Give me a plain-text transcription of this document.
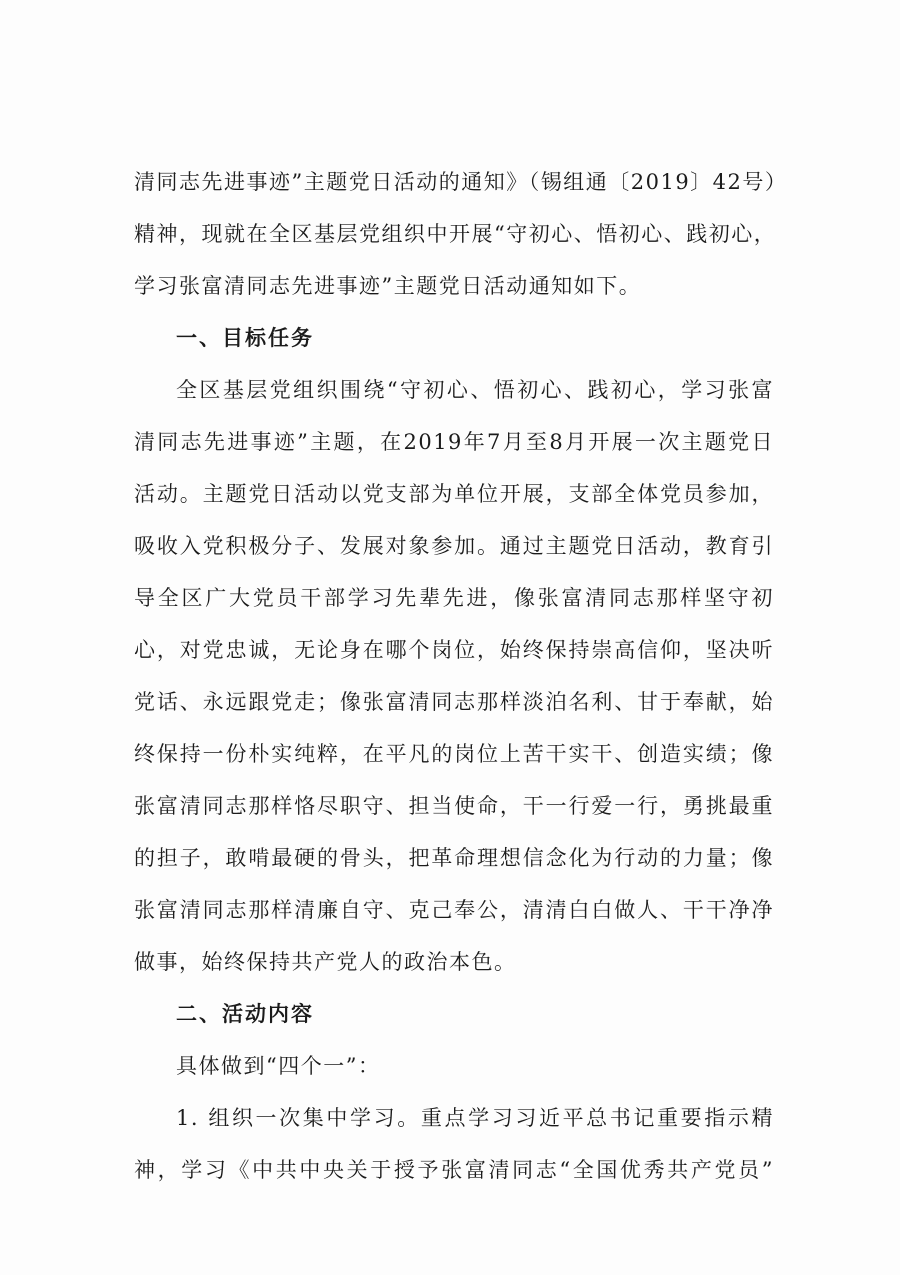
清同志先进事迹”主题党日活动的通知》（锡组通〔2019〕42号）
精神，现就在全区基层党组织中开展“守初心、悟初心、践初心，
学习张富清同志先进事迹”主题党日活动通知如下。
一、目标任务
全区基层党组织围绕“守初心、悟初心、践初心，学习张富
清同志先进事迹”主题，在2019年7月至8月开展一次主题党日
活动。主题党日活动以党支部为单位开展，支部全体党员参加，
吸收入党积极分子、发展对象参加。通过主题党日活动，教育引
导全区广大党员干部学习先辈先进，像张富清同志那样坚守初
心，对党忠诚，无论身在哪个岗位，始终保持崇高信仰，坚决听
党话、永远跟党走；像张富清同志那样淡泊名利、甘于奉献，始
终保持一份朴实纯粹，在平凡的岗位上苦干实干、创造实绩；像
张富清同志那样恪尽职守、担当使命，干一行爱一行，勇挑最重
的担子，敢啃最硬的骨头，把革命理想信念化为行动的力量；像
张富清同志那样清廉自守、克己奉公，清清白白做人、干干净净
做事，始终保持共产党人的政治本色。
二、活动内容
具体做到“四个一”：
1. 组织一次集中学习。重点学习习近平总书记重要指示精
神，学习《中共中央关于授予张富清同志“全国优秀共产党员”
